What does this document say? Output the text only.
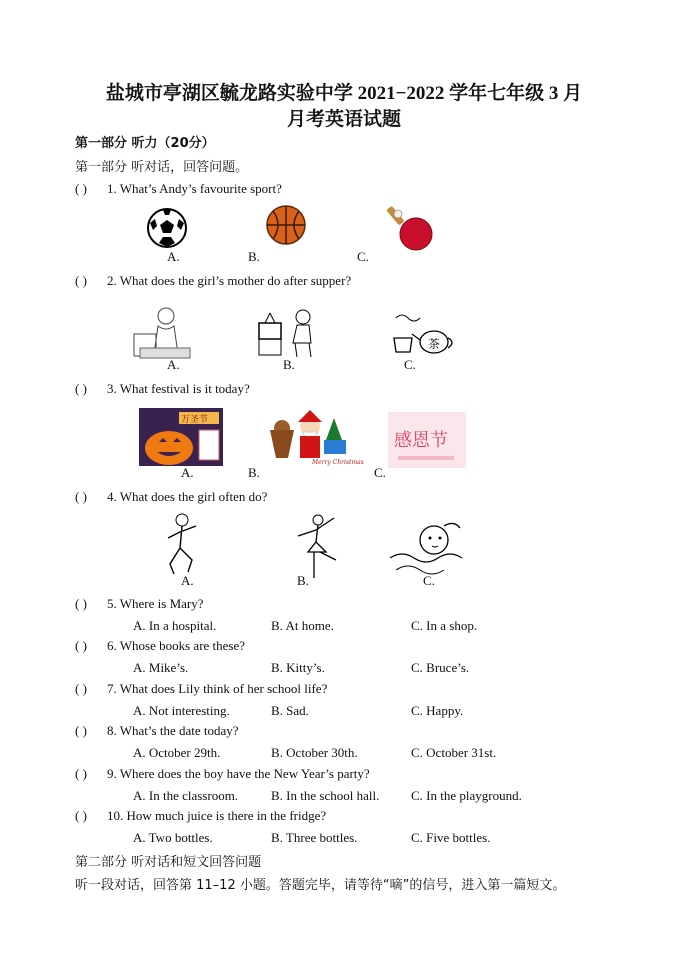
盐城市亭湖区毓龙路实验中学 2021−2022 学年七年级 3 月
月考英语试题
第一部分 听力（20分）
第一部分 听对话，回答问题。
( ) 1. What’s Andy’s favourite sport?
A.	B.	C.
( ) 2. What does the girl’s mother do after supper?
A.	B.
茶
C.
( ) 3. What festival is it today?
万圣节
A.
Merry Christmas
B.
感恩节
C.
( ) 4. What does the girl often do?
A.	B.	C.
( ) 5. Where is Mary?
A. In a hospital.	B. At home.	C. In a shop.
( ) 6. Whose books are these?
A. Mike’s.	B. Kitty’s.	C. Bruce’s.
( ) 7. What does Lily think of her school life?
A. Not interesting.	B. Sad.	C. Happy.
( ) 8. What’s the date today?
A. October 29th.	B. October 30th.	C. October 31st.
( ) 9. Where does the boy have the New Year’s party?
A. In the classroom.	B. In the school hall. C. In the playground.
( ) 10. How much juice is there in the fridge?
A. Two bottles.	B. Three bottles.	C. Five bottles.
第二部分 听对话和短文回答问题
听一段对话，回答第 11–12 小题。答题完毕，请等待“嘀”的信号，进入第一篇短文。
